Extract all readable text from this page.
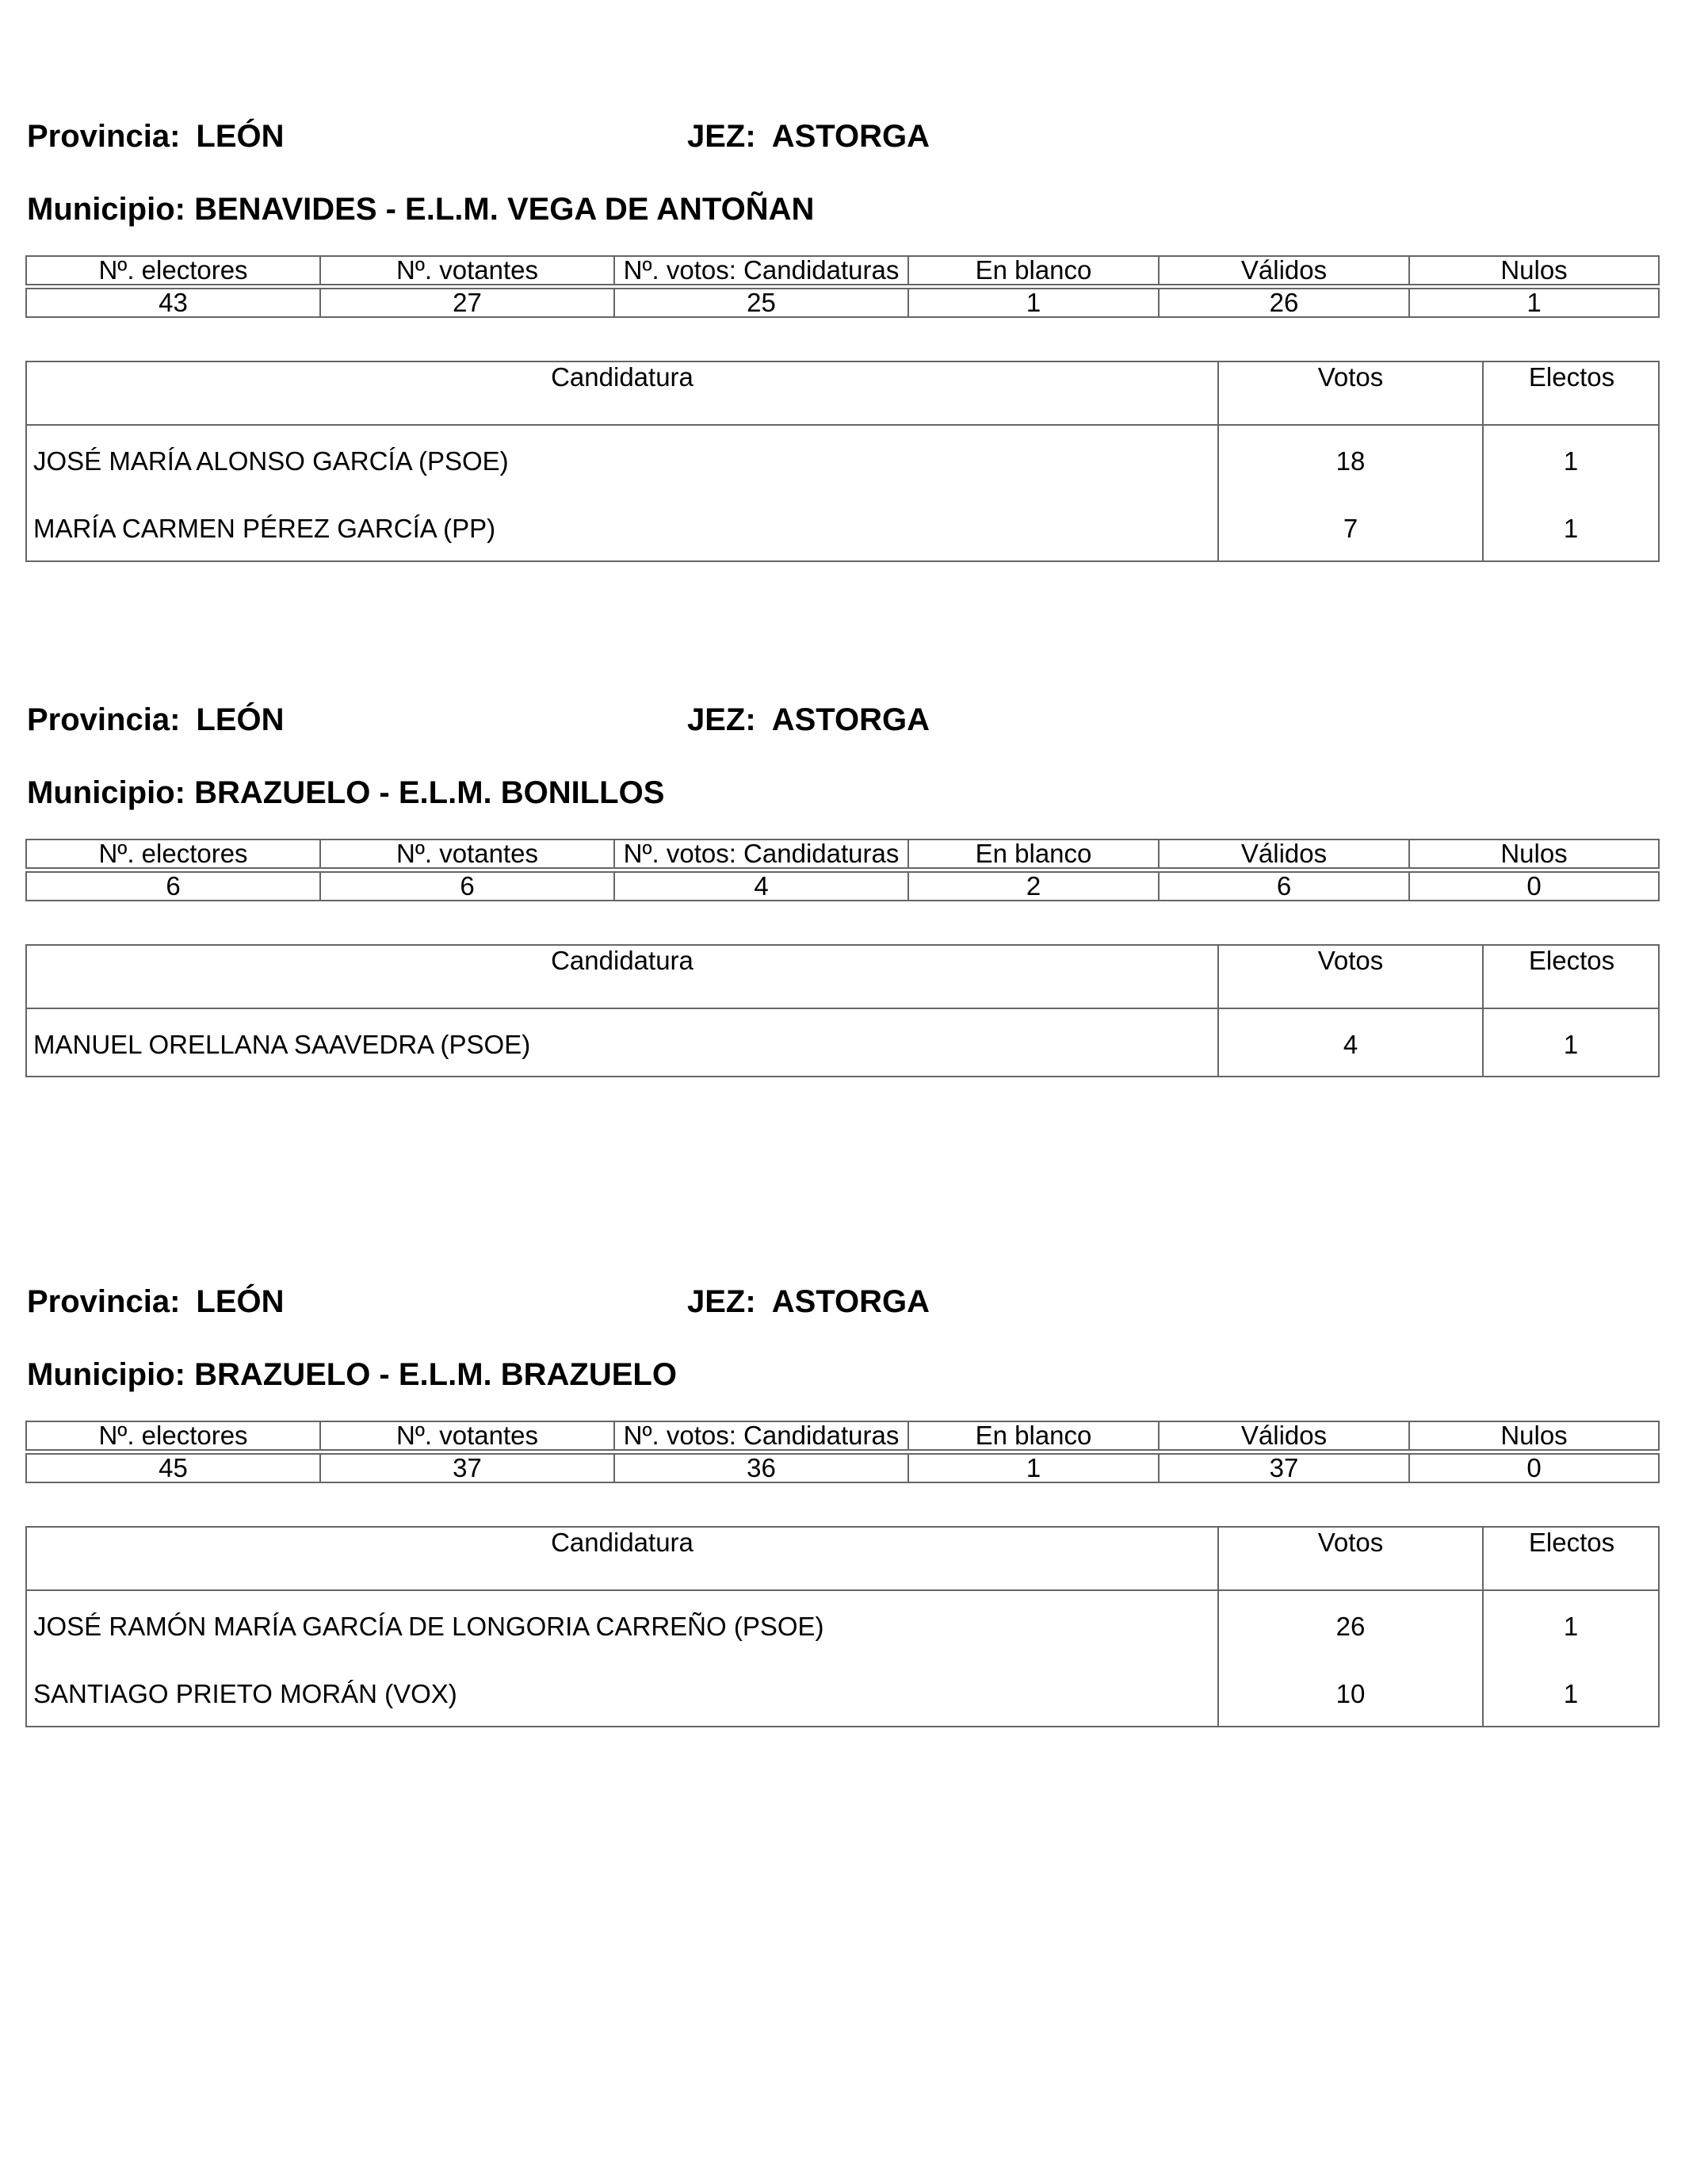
Provincia: LEÓN	JEZ: ASTORGA
Municipio: BENAVIDES - E.L.M. VEGA DE ANTOÑAN
Nº. electores	Nº. votantes	Nº. votos: Candidaturas	En blanco	Válidos	Nulos
43	27	25	1	26	1
Candidatura	Votos	Electos
JOSÉ MARÍA ALONSO GARCÍA (PSOE)	18	1
MARÍA CARMEN PÉREZ GARCÍA (PP)	7	1
Provincia: LEÓN	JEZ: ASTORGA
Municipio: BRAZUELO - E.L.M. BONILLOS
Nº. electores	Nº. votantes	Nº. votos: Candidaturas	En blanco	Válidos	Nulos
6	6	4	2	6	0
Candidatura	Votos	Electos
MANUEL ORELLANA SAAVEDRA (PSOE)	4	1
Provincia: LEÓN	JEZ: ASTORGA
Municipio: BRAZUELO - E.L.M. BRAZUELO
Nº. electores	Nº. votantes	Nº. votos: Candidaturas	En blanco	Válidos	Nulos
45	37	36	1	37	0
Candidatura	Votos	Electos
JOSÉ RAMÓN MARÍA GARCÍA DE LONGORIA CARREÑO (PSOE)	26	1
SANTIAGO PRIETO MORÁN (VOX)	10	1
